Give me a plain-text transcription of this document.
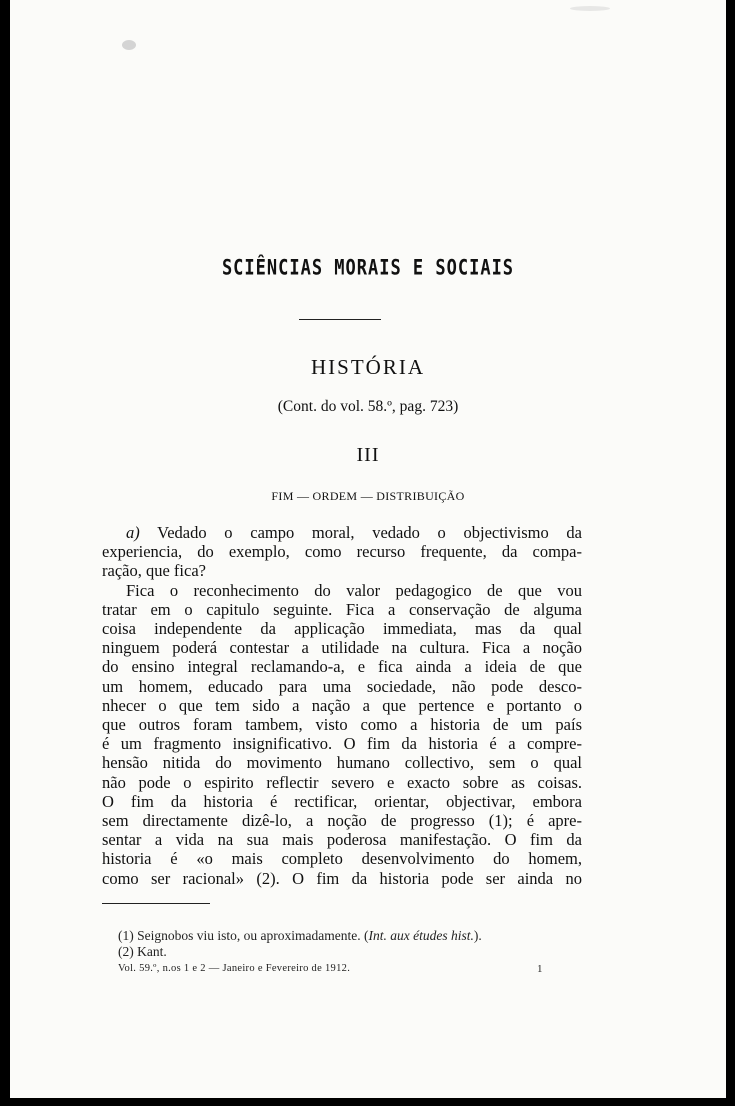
SCIÊNCIAS MORAIS E SOCIAIS
HISTÓRIA
(Cont. do vol. 58.º, pag. 723)
III
FIM — ORDEM — DISTRIBUIÇÃO
a) Vedado o campo moral, vedado o objectivismo da
experiencia, do exemplo, como recurso frequente, da compa-
ração, que fica?
Fica o reconhecimento do valor pedagogico de que vou
tratar em o capitulo seguinte. Fica a conservação de alguma
coisa independente da applicação immediata, mas da qual
ninguem poderá contestar a utilidade na cultura. Fica a noção
do ensino integral reclamando-a, e fica ainda a ideia de que
um homem, educado para uma sociedade, não pode desco-
nhecer o que tem sido a nação a que pertence e portanto o
que outros foram tambem, visto como a historia de um país
é um fragmento insignificativo. O fim da historia é a compre-
hensão nitida do movimento humano collectivo, sem o qual
não pode o espirito reflectir severo e exacto sobre as coisas.
O fim da historia é rectificar, orientar, objectivar, embora
sem directamente dizê-lo, a noção de progresso (1); é apre-
sentar a vida na sua mais poderosa manifestação. O fim da
historia é «o mais completo desenvolvimento do homem,
como ser racional» (2). O fim da historia pode ser ainda no
(1) Seignobos viu isto, ou aproximadamente. (Int. aux études hist.).
(2) Kant.
Vol. 59.º, n.os 1 e 2 — Janeiro e Fevereiro de 1912.	1
